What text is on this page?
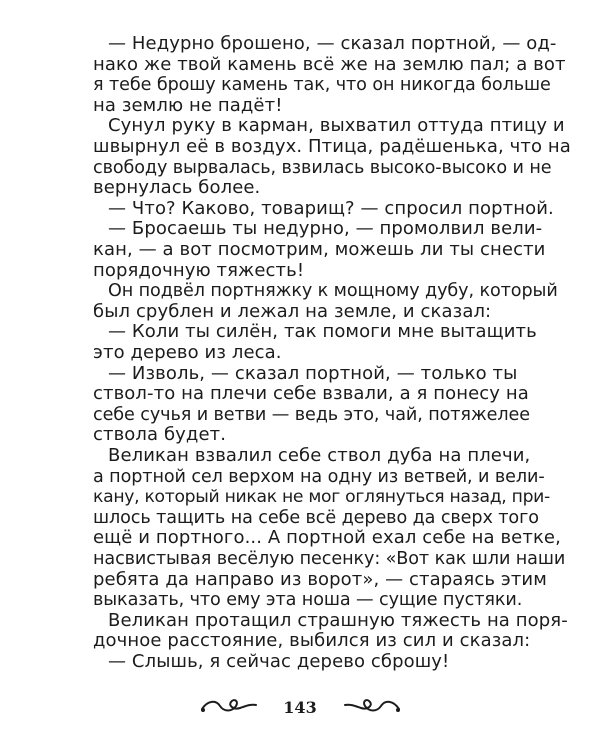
— Недурно брошено, — сказал портной, — од-
нако же твой камень всё же на землю пал; а вот
я тебе брошу камень так, что он никогда больше
на землю не падёт!
Сунул руку в карман, выхватил оттуда птицу и
швырнул её в воздух. Птица, радёшенька, что на
свободу вырвалась, взвилась высоко-высоко и не
вернулась более.
— Что? Каково, товарищ? — спросил портной.
— Бросаешь ты недурно, — промолвил вели-
кан, — а вот посмотрим, можешь ли ты снести
порядочную тяжесть!
Он подвёл портняжку к мощному дубу, который
был срублен и лежал на земле, и сказал:
— Коли ты силён, так помоги мне вытащить
это дерево из леса.
— Изволь, — сказал портной, — только ты
ствол-то на плечи себе взвали, а я понесу на
себе сучья и ветви — ведь это, чай, потяжелее
ствола будет.
Великан взвалил себе ствол дуба на плечи,
а портной сел верхом на одну из ветвей, и вели-
кану, который никак не мог оглянуться назад, при-
шлось тащить на себе всё дерево да сверх того
ещё и портного... А портной ехал себе на ветке,
насвистывая весёлую песенку: «Вот как шли наши
ребята да направо из ворот», — стараясь этим
выказать, что ему эта ноша — сущие пустяки.
Великан протащил страшную тяжесть на поря-
дочное расстояние, выбился из сил и сказал:
— Слышь, я сейчас дерево сброшу!
143
